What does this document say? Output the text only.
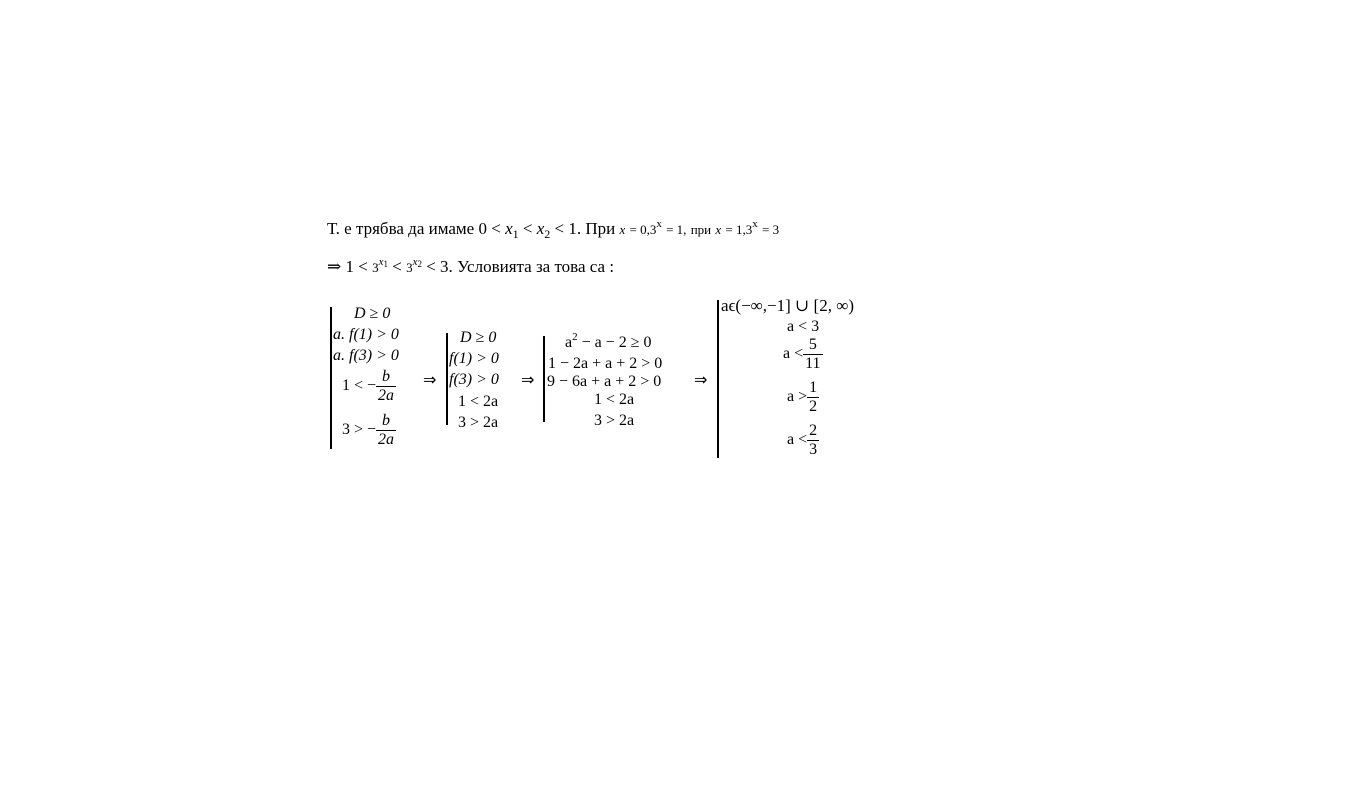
Т. е трябва да имаме $0 < x_1 < x_2 < 1$. При $x = 0,3^x = 1$, при $x = 1,3^x = 3$
⇒ $1 < 3^{x1} < 3^{x2} < 3$. Условията за това са :
D ≥ 0
a. f(1) > 0
a. f(3) > 0
1 < − $\frac{b}{2a}$
3 > − $\frac{b}{2a}$
⇒
D ≥ 0
f(1) > 0
f(3) > 0
1 < 2a
3 > 2a
⇒
$a^2 - a - 2 \ge 0$
1 − 2a + a + 2 > 0
9 − 6a + a + 2 > 0
1 < 2a
3 > 2a
⇒
aϵ(−∞,−1] ∪ [2, ∞)
a < 3
$a < \frac{5}{11}$
$a > \frac{1}{2}$
$a < \frac{2}{3}$
